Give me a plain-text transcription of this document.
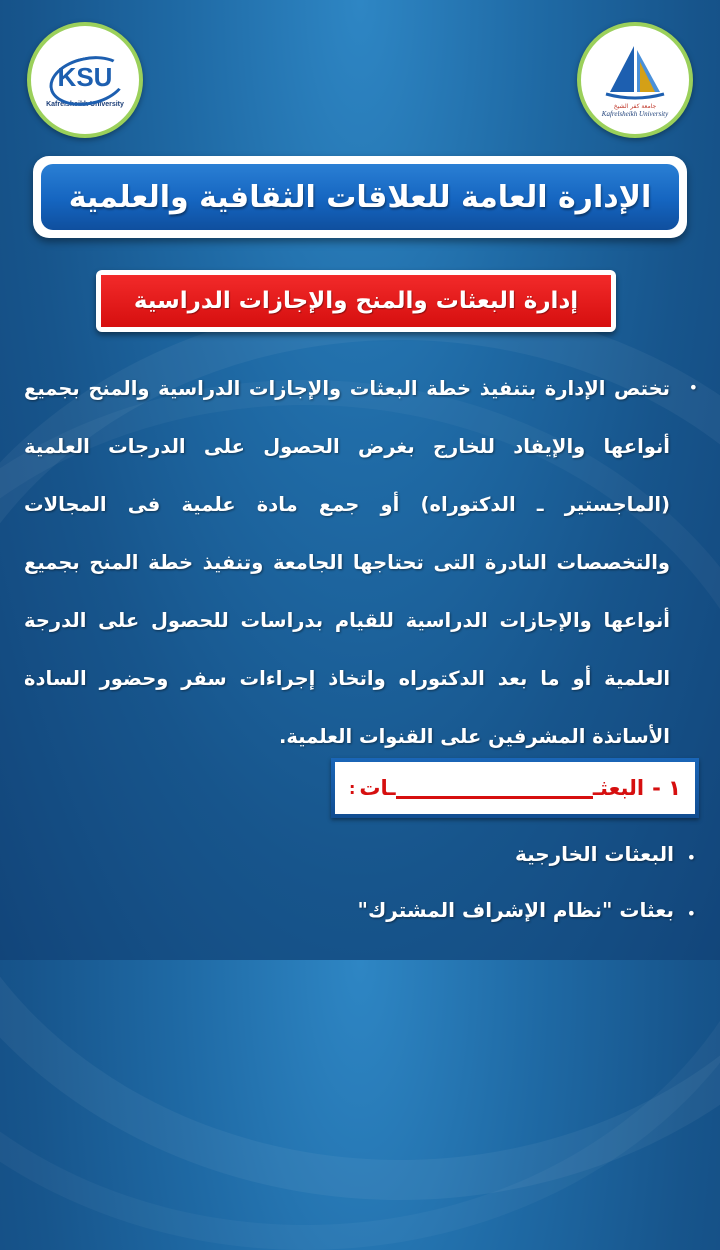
KSU
Kafrelsheikh University	جامعة كفر الشيخ
Kafrelsheikh University
الإدارة العامة للعلاقات الثقافية والعلمية
إدارة البعثات والمنح والإجازات الدراسية
•
تختص الإدارة بتنفيذ خطة البعثات والإجازات الدراسية والمنح بجميع أنواعها والإيفاد للخارج بغرض الحصول على الدرجات العلمية (الماجستير ـ الدكتوراه) أو جمع مادة علمية فى المجالات والتخصصات النادرة التى تحتاجها الجامعة وتنفيذ خطة المنح بجميع أنواعها والإجازات الدراسية للقيام بدراسات للحصول على الدرجة العلمية أو ما بعد الدكتوراه واتخاذ إجراءات سفر وحضور السادة الأساتذة المشرفين على القنوات العلمية.
١ -
البعثـ
ـات
:
•
البعثات الخارجية
•
بعثات "نظام الإشراف المشترك"
